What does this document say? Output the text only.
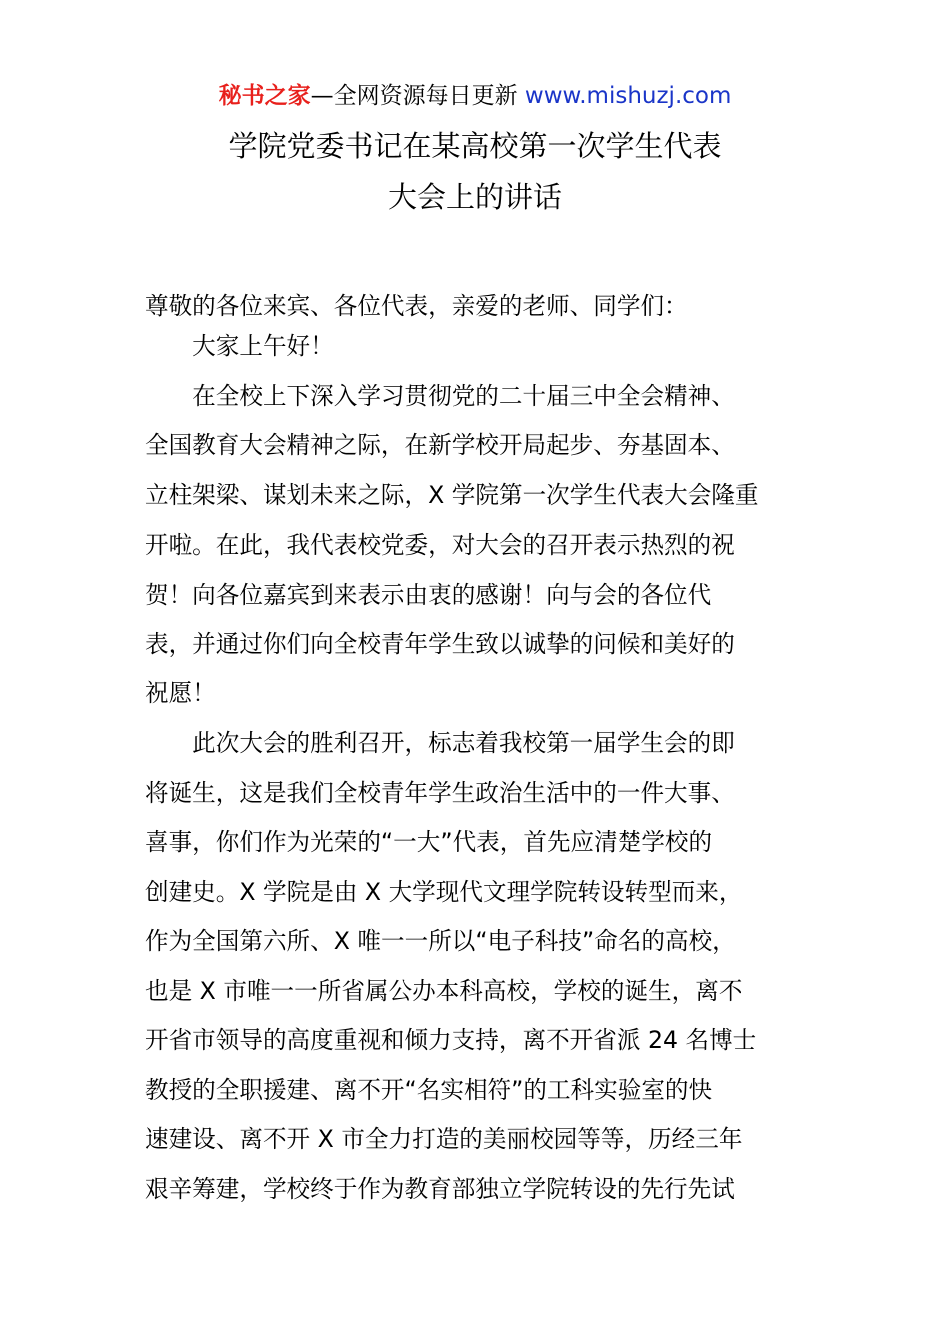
秘书之家—全网资源每日更新 www.mishuzj.com
学院党委书记在某高校第一次学生代表
大会上的讲话
尊敬的各位来宾、各位代表，亲爱的老师、同学们：
　　大家上午好！
　　在全校上下深入学习贯彻党的二十届三中全会精神、
全国教育大会精神之际，在新学校开局起步、夯基固本、
立柱架梁、谋划未来之际，X 学院第一次学生代表大会隆重
开啦。在此，我代表校党委，对大会的召开表示热烈的祝
贺！向各位嘉宾到来表示由衷的感谢！向与会的各位代
表，并通过你们向全校青年学生致以诚挚的问候和美好的
祝愿！
　　此次大会的胜利召开，标志着我校第一届学生会的即
将诞生，这是我们全校青年学生政治生活中的一件大事、
喜事，你们作为光荣的“一大”代表，首先应清楚学校的
创建史。X 学院是由 X 大学现代文理学院转设转型而来，
作为全国第六所、X 唯一一所以“电子科技”命名的高校，
也是 X 市唯一一所省属公办本科高校，学校的诞生，离不
开省市领导的高度重视和倾力支持，离不开省派 24 名博士
教授的全职援建、离不开“名实相符”的工科实验室的快
速建设、离不开 X 市全力打造的美丽校园等等，历经三年
艰辛筹建，学校终于作为教育部独立学院转设的先行先试
